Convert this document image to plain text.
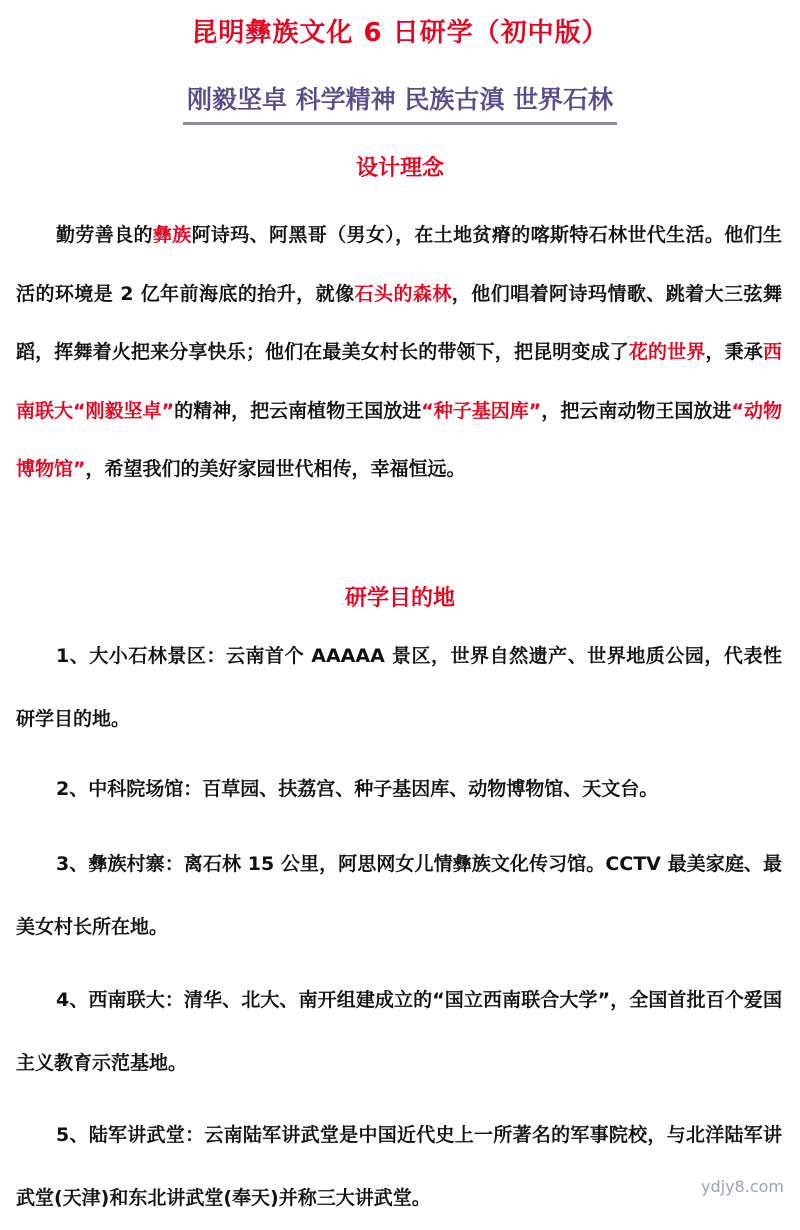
昆明彝族文化 6 日研学（初中版）
刚毅坚卓 科学精神 民族古滇 世界石林
设计理念
勤劳善良的彝族阿诗玛、阿黑哥（男女），在土地贫瘠的喀斯特石林世代生活。他们生活的环境是 2 亿年前海底的抬升，就像石头的森林，他们唱着阿诗玛情歌、跳着大三弦舞蹈，挥舞着火把来分享快乐；他们在最美女村长的带领下，把昆明变成了花的世界，秉承西南联大“刚毅坚卓”的精神，把云南植物王国放进“种子基因库”，把云南动物王国放进“动物博物馆”，希望我们的美好家园世代相传，幸福恒远。
研学目的地
1、大小石林景区：云南首个 AAAAA 景区，世界自然遗产、世界地质公园，代表性研学目的地。
2、中科院场馆：百草园、扶荔宫、种子基因库、动物博物馆、天文台。
3、彝族村寨：离石林 15 公里，阿思网女儿情彝族文化传习馆。CCTV 最美家庭、最美女村长所在地。
4、西南联大：清华、北大、南开组建成立的“国立西南联合大学”，全国首批百个爱国主义教育示范基地。
5、陆军讲武堂：云南陆军讲武堂是中国近代史上一所著名的军事院校，与北洋陆军讲武堂(天津)和东北讲武堂(奉天)并称三大讲武堂。
ydjy8.com
